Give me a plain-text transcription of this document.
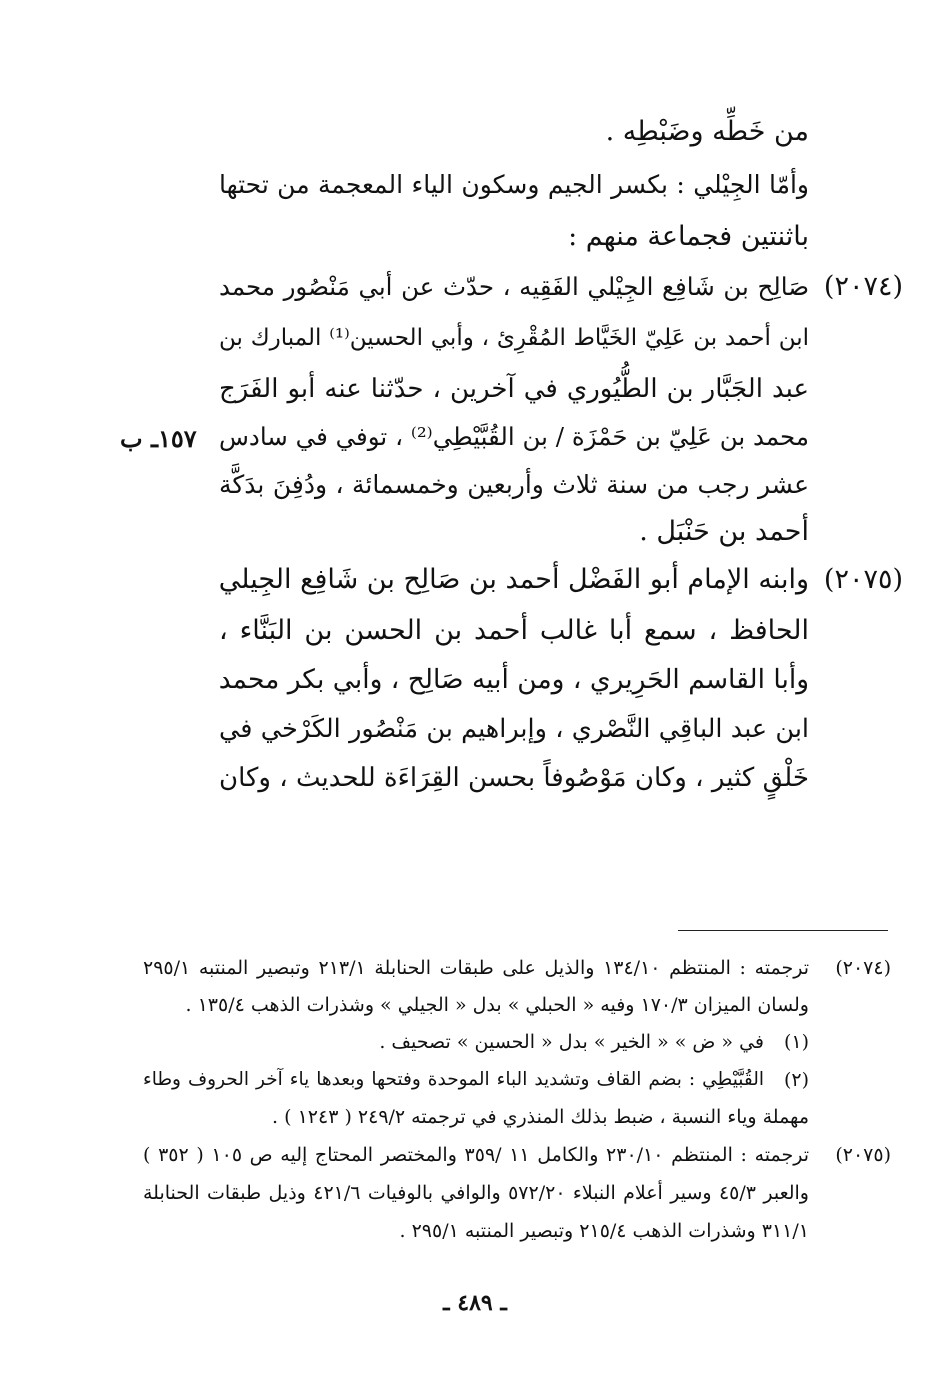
من خَطِّه وضَبْطِه .
وأمّا الجِيْلي : بكسر الجيم وسكون الياء المعجمة من تحتها
باثنتين فجماعة منهم :
(٢٠٧٤)
صَالِح بن شَافِع الجِيْلي الفَقِيه ، حدّث عن أبي مَنْصُور محمد
ابن أحمد بن عَلِيّ الخَيَّاط المُقْرِئ ، وأبي الحسين⁽¹⁾ المبارك بن
عبد الجَبَّار بن الطُّيُوري في آخرين ، حدّثنا عنه أبو الفَرَج
محمد بن عَلِيّ بن حَمْزَة / بن القُبَّيْطِي⁽²⁾ ، توفي في سادس
١٥٧ـ ب
عشر رجب من سنة ثلاث وأربعين وخمسمائة ، ودُفِنَ بدَكَّة
أحمد بن حَنْبَل .
(٢٠٧٥)
وابنه الإمام أبو الفَضْل أحمد بن صَالِح بن شَافِع الجِيلي
الحافظ ، سمع أبا غالب أحمد بن الحسن بن البَنَّاء ،
وأبا القاسم الحَرِيري ، ومن أبيه صَالِح ، وأبي بكر محمد
ابن عبد الباقِي النَّصْري ، وإبراهيم بن مَنْصُور الكَرْخي في
خَلْقٍ كثير ، وكان مَوْصُوفاً بحسن القِرَاءَة للحديث ، وكان
(٢٠٧٤)
ترجمته : المنتظم ١٣٤/١٠ والذيل على طبقات الحنابلة ٢١٣/١ وتبصير المنتبه ٢٩٥/١
ولسان الميزان ١٧٠/٣ وفيه « الحبلي » بدل « الجيلي » وشذرات الذهب ١٣٥/٤ .
(١)
في « ض » « الخير » بدل « الحسين » تصحيف .
(٢)
القُبَّيْطِي : بضم القاف وتشديد الباء الموحدة وفتحها وبعدها ياء آخر الحروف وطاء
مهملة وياء النسبة ، ضبط بذلك المنذري في ترجمته ٢٤٩/٢ ( ١٢٤٣ ) .
(٢٠٧٥)
ترجمته : المنتظم ٢٣٠/١٠ والكامل ١١ /٣٥٩ والمختصر المحتاج إليه ص ١٠٥ ( ٣٥٢ )
والعبر ٤٥/٣ وسير أعلام النبلاء ٥٧٢/٢٠ والوافي بالوفيات ٤٢١/٦ وذيل طبقات الحنابلة
٣١١/١ وشذرات الذهب ٢١٥/٤ وتبصير المنتبه ٢٩٥/١ .
ـ ٤٨٩ ـ
